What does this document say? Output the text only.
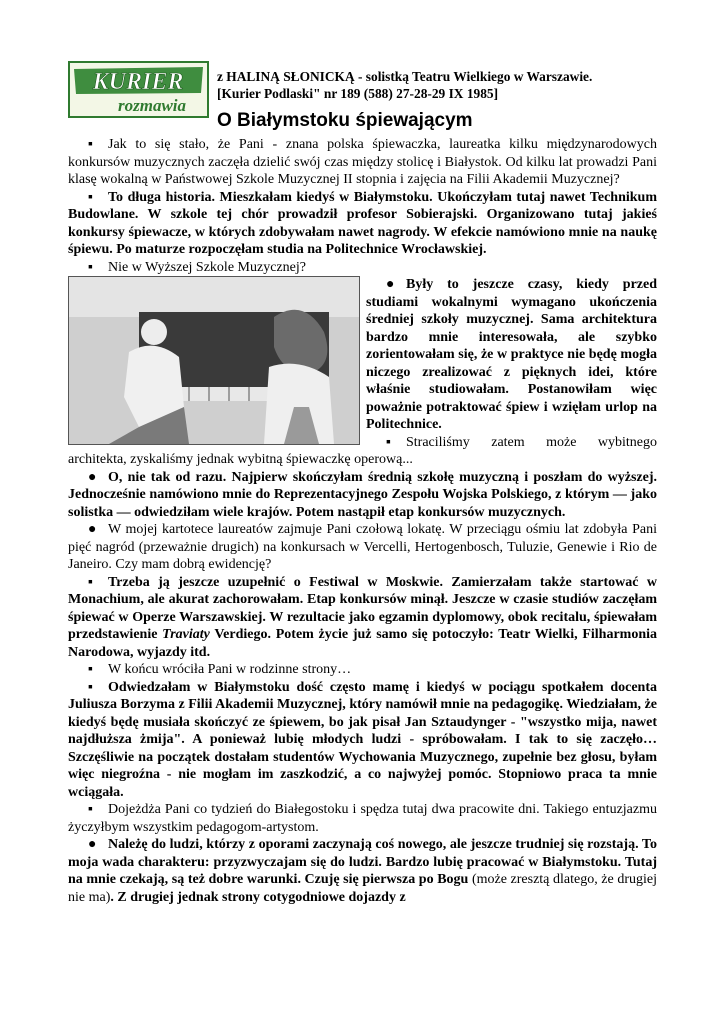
KURIER
rozmawia
z HALINĄ SŁONICKĄ - solistką Teatru Wielkiego w Warszawie.
[Kurier Podlaski" nr 189 (588) 27-28-29 IX 1985]
O Białymstoku śpiewającym

▪ Jak to się stało, że Pani - znana polska śpiewaczka, laureatka kilku międzynarodowych konkursów muzycznych zaczęła dzielić swój czas między stolicę i Białystok. Od kilku lat prowadzi Pani klasę wokalną w Państwowej Szkole Muzycznej II stopnia i zajęcia na Filii Akademii Muzycznej?

▪ To długa historia. Mieszkałam kiedyś w Białymstoku. Ukończyłam tutaj nawet Technikum Budowlane. W szkole tej chór prowadził profesor Sobierajski. Organizowano tutaj jakieś konkursy śpiewacze, w których zdobywałam nawet nagrody. W efekcie namówiono mnie na naukę śpiewu. Po maturze rozpoczęłam studia na Politechnice Wrocławskiej.

▪ Nie w Wyższej Szkole Muzycznej?

● Były to jeszcze czasy, kiedy przed studiami wokalnymi wymagano ukończenia średniej szkoły muzycznej. Sama architektura bardzo mnie interesowała, ale szybko zorientowałam się, że w praktyce nie będę mogła niczego zrealizować z pięknych idei, które właśnie studiowałam. Postanowiłam więc poważnie potraktować śpiew i wzięłam urlop na Politechnice.

▪ Straciliśmy zatem może wybitnego architekta, zyskaliśmy jednak wybitną śpiewaczkę operową...

● O, nie tak od razu. Najpierw skończyłam średnią szkołę muzyczną i poszłam do wyższej. Jednocześnie namówiono mnie do Reprezentacyjnego Zespołu Wojska Polskiego, z którym — jako solistka — odwiedziłam wiele krajów. Potem nastąpił etap konkursów muzycznych.

● W mojej kartotece laureatów zajmuje Pani czołową lokatę. W przeciągu ośmiu lat zdobyła Pani pięć nagród (przeważnie drugich) na konkursach w Vercelli, Hertogenbosch, Tuluzie, Genewie i Rio de Janeiro. Czy mam dobrą ewidencję?

▪ Trzeba ją jeszcze uzupełnić o Festiwal w Moskwie. Zamierzałam także startować w Monachium, ale akurat zachorowałam. Etap konkursów minął. Jeszcze w czasie studiów zaczęłam śpiewać w Operze Warszawskiej. W rezultacie jako egzamin dyplomowy, obok recitalu, śpiewałam przedstawienie Traviaty Verdiego. Potem życie już samo się potoczyło: Teatr Wielki, Filharmonia Narodowa, wyjazdy itd.

▪ W końcu wróciła Pani w rodzinne strony…

▪ Odwiedzałam w Białymstoku dość często mamę i kiedyś w pociągu spotkałem docenta Juliusza Borzyma z Filii Akademii Muzycznej, który namówił mnie na pedagogikę. Wiedziałam, że kiedyś będę musiała skończyć ze śpiewem, bo jak pisał Jan Sztaudynger - "wszystko mija, nawet najdłuższa żmija". A ponieważ lubię młodych ludzi - spróbowałam. I tak to się zaczęło… Szczęśliwie na początek dostałam studentów Wychowania Muzycznego, zupełnie bez głosu, byłam więc niegroźna - nie mogłam im zaszkodzić, a co najwyżej pomóc. Stopniowo praca ta mnie wciągała.

▪ Dojeżdża Pani co tydzień do Białegostoku i spędza tutaj dwa pracowite dni. Takiego entuzjazmu życzyłbym wszystkim pedagogom-artystom.

● Należę do ludzi, którzy z oporami zaczynają coś nowego, ale jeszcze trudniej się rozstają. To moja wada charakteru: przyzwyczajam się do ludzi. Bardzo lubię pracować w Białymstoku. Tutaj na mnie czekają, są też dobre warunki. Czuję się pierwsza po Bogu (może zresztą dlatego, że drugiej nie ma). Z drugiej jednak strony cotygodniowe dojazdy z
